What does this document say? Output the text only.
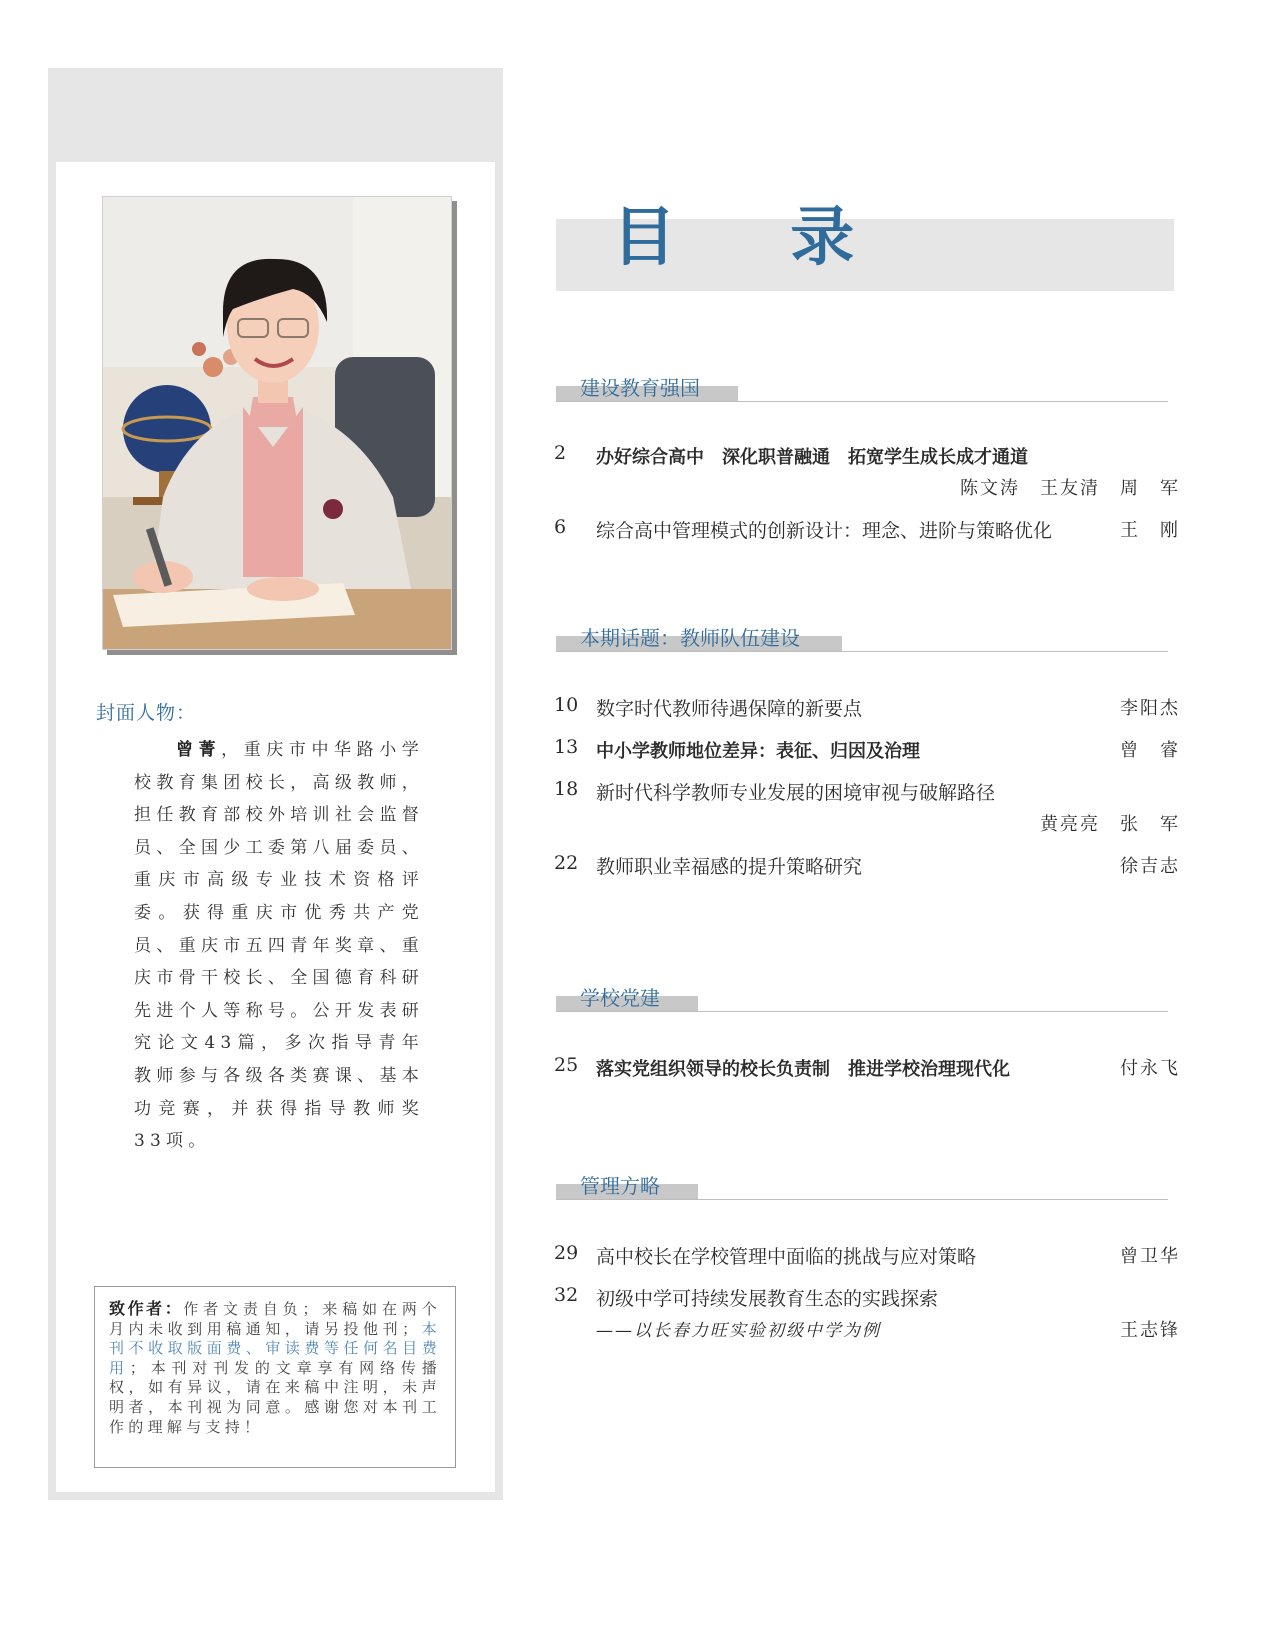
封面人物：
曾菁，重庆市中华路小学校教育集团校长，高级教师，担任教育部校外培训社会监督员、全国少工委第八届委员、重庆市高级专业技术资格评委。获得重庆市优秀共产党员、重庆市五四青年奖章、重庆市骨干校长、全国德育科研先进个人等称号。公开发表研究论文43篇，多次指导青年教师参与各级各类赛课、基本功竞赛，并获得指导教师奖33项。
致作者：作者文责自负；来稿如在两个月内未收到用稿通知，请另投他刊；本刊不收取版面费、审读费等任何名目费用；本刊对刊发的文章享有网络传播权，如有异议，请在来稿中注明，未声明者，本刊视为同意。感谢您对本刊工作的理解与支持！
目 录
建设教育强国
2 办好综合高中　深化职普融通　拓宽学生成长成才通道
陈文涛　王友清　周　军
6 综合高中管理模式的创新设计：理念、进阶与策略优化	王　刚
本期话题：教师队伍建设
10 数字时代教师待遇保障的新要点	李阳杰
13 中小学教师地位差异：表征、归因及治理	曾　睿
18 新时代科学教师专业发展的困境审视与破解路径
黄亮亮　张　军
22 教师职业幸福感的提升策略研究	徐吉志
学校党建
25 落实党组织领导的校长负责制　推进学校治理现代化	付永飞
管理方略
29 高中校长在学校管理中面临的挑战与应对策略	曾卫华
32 初级中学可持续发展教育生态的实践探索
——以长春力旺实验初级中学为例	王志锋
